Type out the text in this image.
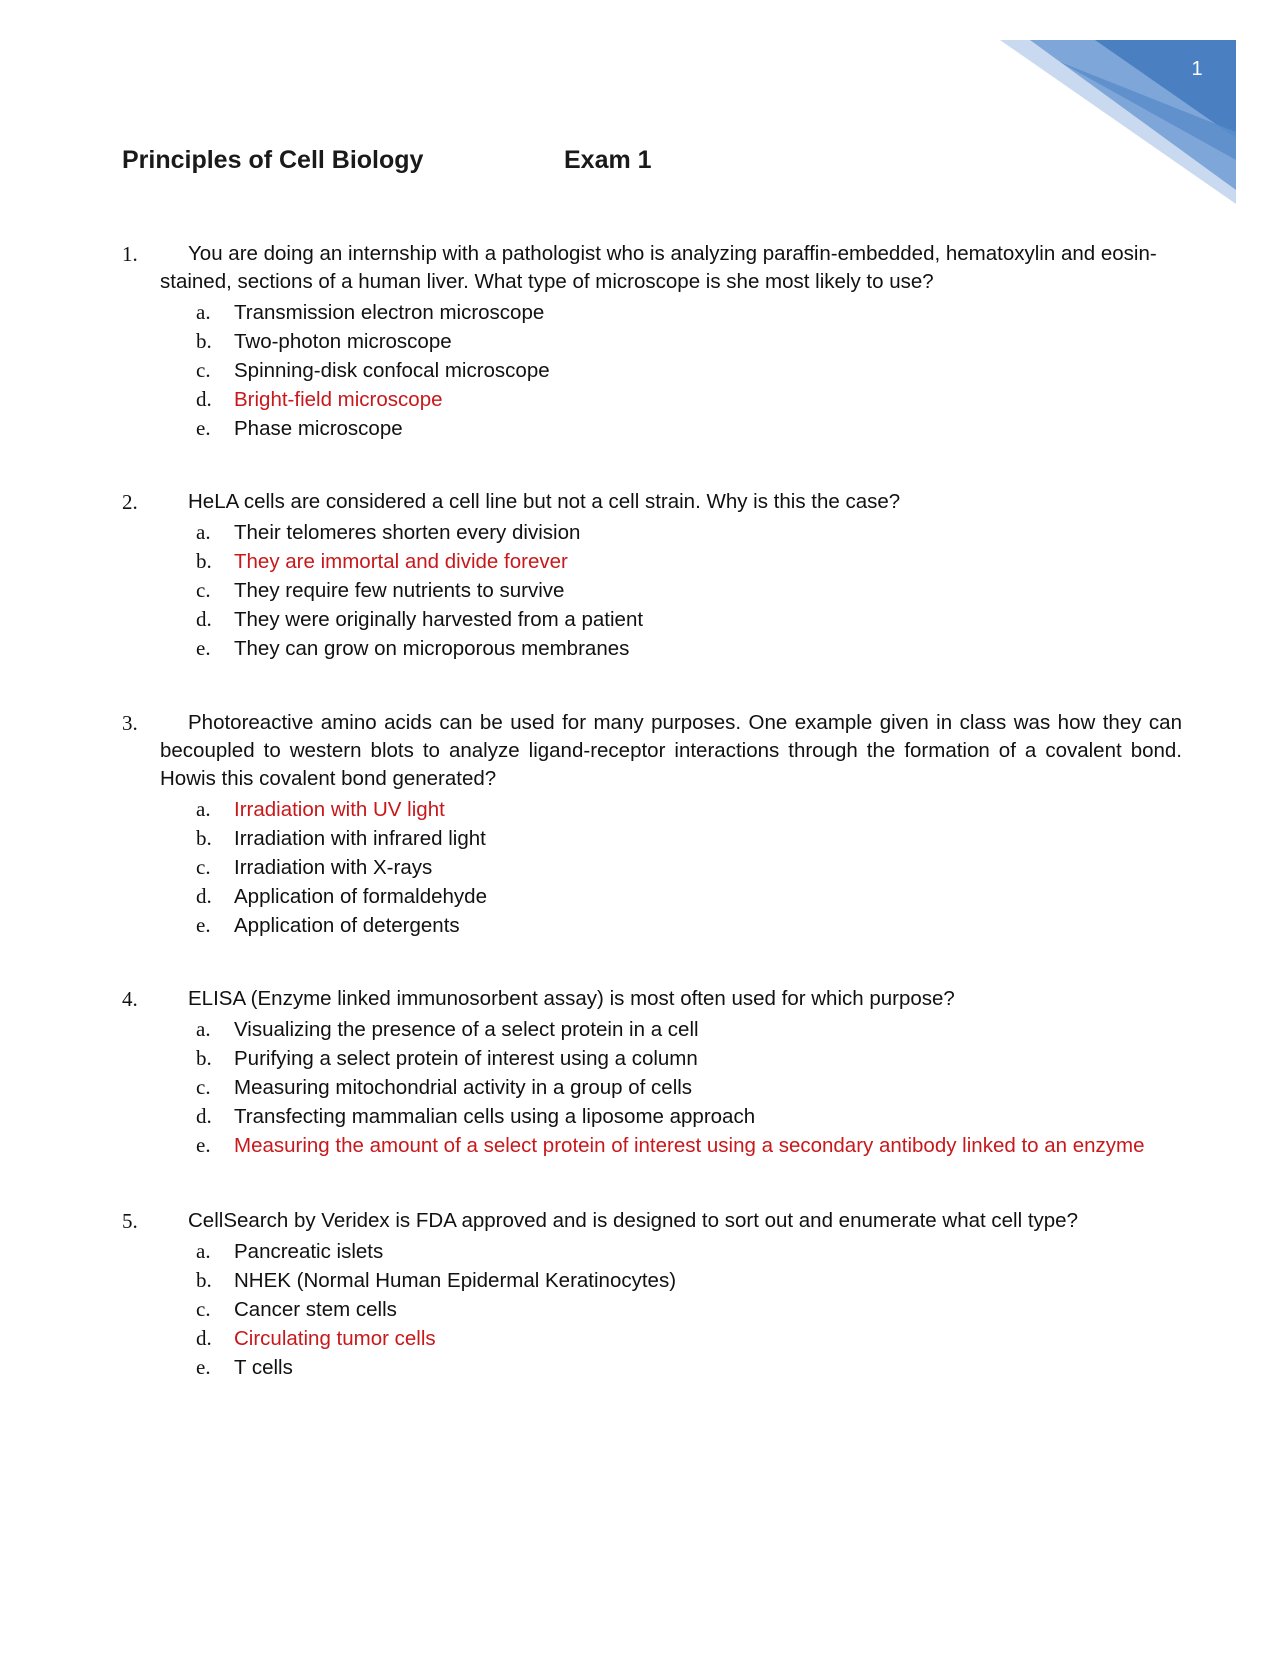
1
Principles of Cell Biology	Exam 1
1.	You are doing an internship with a pathologist who is analyzing paraffin-embedded, hematoxylin and eosin-stained, sections of a human liver. What type of microscope is she most likely to use?
a.	Transmission electron microscope
b.	Two-photon microscope
c.	Spinning-disk confocal microscope
d.	Bright-field microscope
e.	Phase microscope
2.	HeLA cells are considered a cell line but not a cell strain. Why is this the case?
a.	Their telomeres shorten every division
b.	They are immortal and divide forever
c.	They require few nutrients to survive
d.	They were originally harvested from a patient
e.	They can grow on microporous membranes
3.	Photoreactive amino acids can be used for many purposes. One example given in class was how they can becoupled to western blots to analyze ligand-receptor interactions through the formation of a covalent bond. Howis this covalent bond generated?
a.	Irradiation with UV light
b.	Irradiation with infrared light
c.	Irradiation with X-rays
d.	Application of formaldehyde
e.	Application of detergents
4.	ELISA (Enzyme linked immunosorbent assay) is most often used for which purpose?
a.	Visualizing the presence of a select protein in a cell
b.	Purifying a select protein of interest using a column
c.	Measuring mitochondrial activity in a group of cells
d.	Transfecting mammalian cells using a liposome approach
e.	Measuring the amount of a select protein of interest using a secondary antibody linked to an enzyme
5.	CellSearch by Veridex is FDA approved and is designed to sort out and enumerate what cell type?
a.	Pancreatic islets
b.	NHEK (Normal Human Epidermal Keratinocytes)
c.	Cancer stem cells
d.	Circulating tumor cells
e.	T cells
